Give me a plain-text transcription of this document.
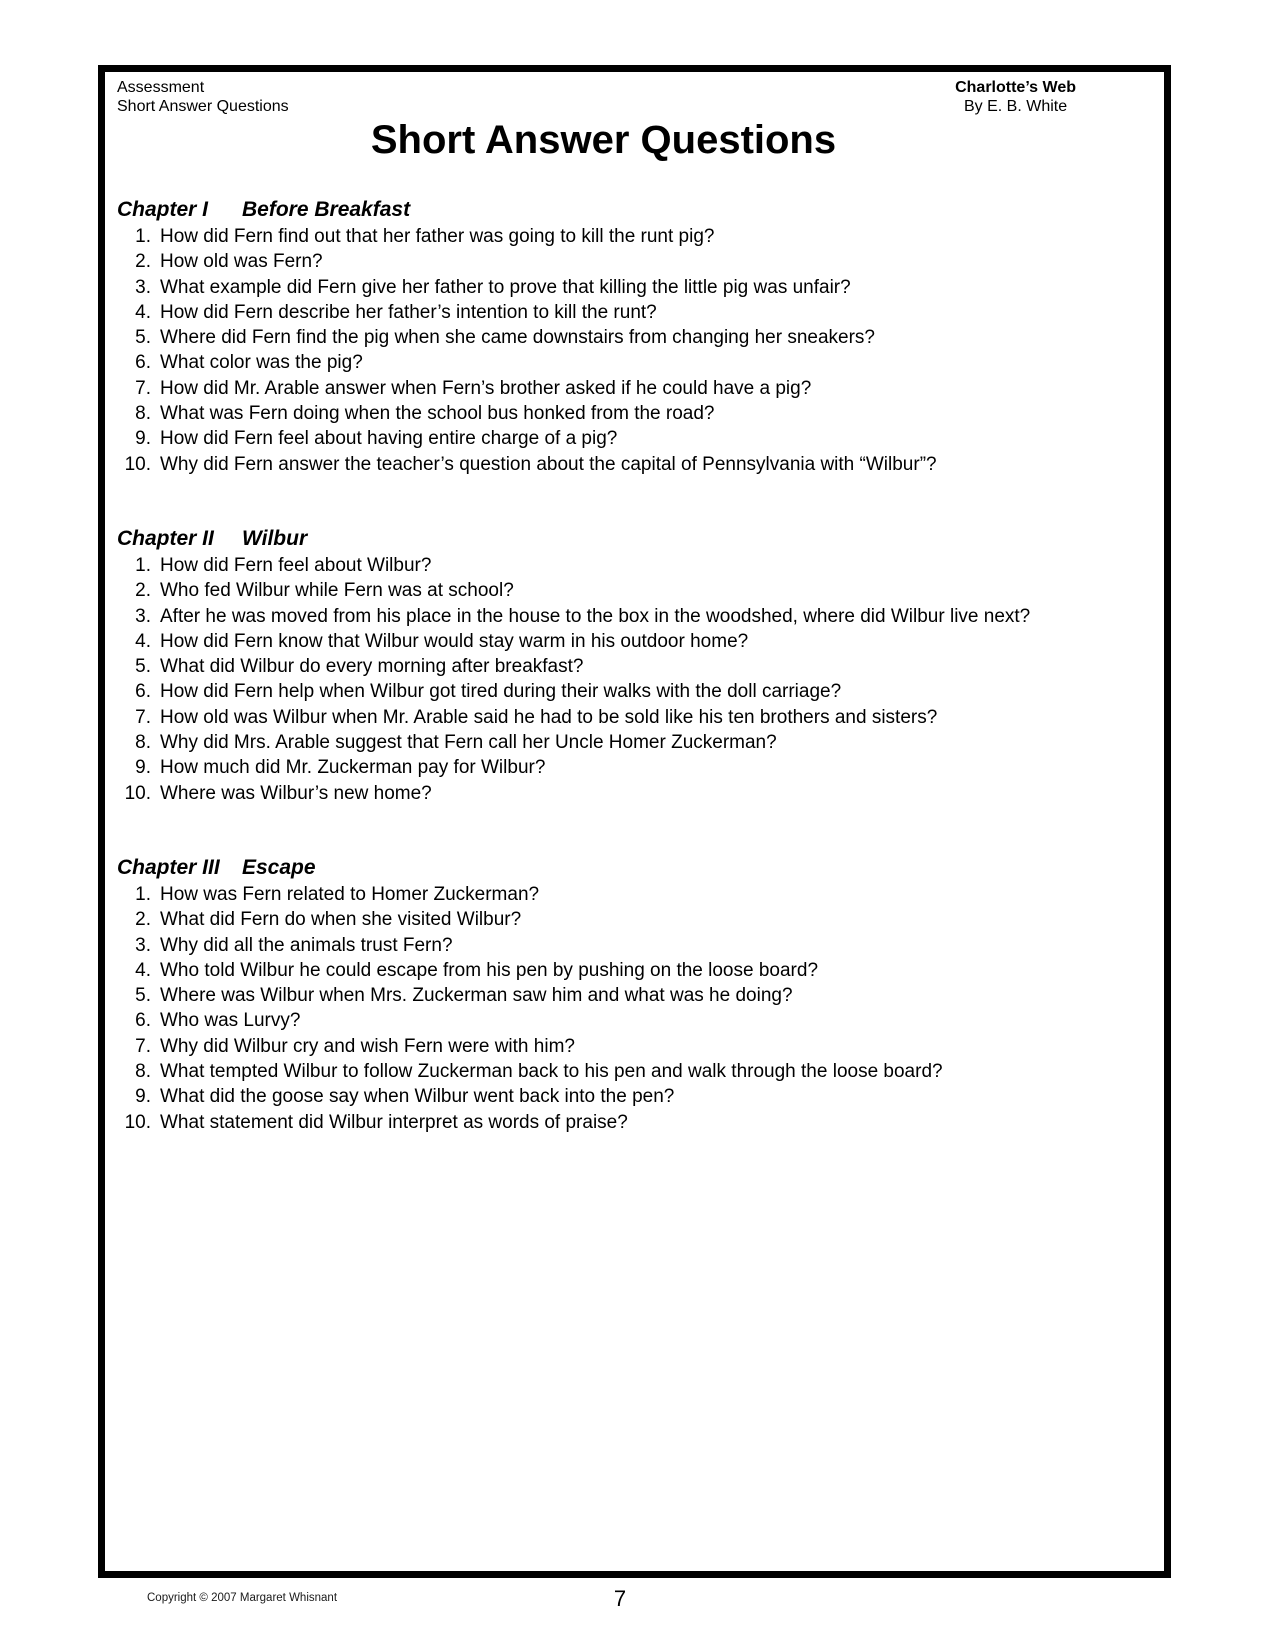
Assessment
Short Answer Questions
Charlotte’s Web
By E. B. White
Short Answer Questions
Chapter I Before Breakfast
1. How did Fern find out that her father was going to kill the runt pig?
2. How old was Fern?
3. What example did Fern give her father to prove that killing the little pig was unfair?
4. How did Fern describe her father’s intention to kill the runt?
5. Where did Fern find the pig when she came downstairs from changing her sneakers?
6. What color was the pig?
7. How did Mr. Arable answer when Fern’s brother asked if he could have a pig?
8. What was Fern doing when the school bus honked from the road?
9. How did Fern feel about having entire charge of a pig?
10. Why did Fern answer the teacher’s question about the capital of Pennsylvania with “Wilbur”?
Chapter II Wilbur
1. How did Fern feel about Wilbur?
2. Who fed Wilbur while Fern was at school?
3. After he was moved from his place in the house to the box in the woodshed, where did Wilbur live next?
4. How did Fern know that Wilbur would stay warm in his outdoor home?
5. What did Wilbur do every morning after breakfast?
6. How did Fern help when Wilbur got tired during their walks with the doll carriage?
7. How old was Wilbur when Mr. Arable said he had to be sold like his ten brothers and sisters?
8. Why did Mrs. Arable suggest that Fern call her Uncle Homer Zuckerman?
9. How much did Mr. Zuckerman pay for Wilbur?
10. Where was Wilbur’s new home?
Chapter III Escape
1. How was Fern related to Homer Zuckerman?
2. What did Fern do when she visited Wilbur?
3. Why did all the animals trust Fern?
4. Who told Wilbur he could escape from his pen by pushing on the loose board?
5. Where was Wilbur when Mrs. Zuckerman saw him and what was he doing?
6. Who was Lurvy?
7. Why did Wilbur cry and wish Fern were with him?
8. What tempted Wilbur to follow Zuckerman back to his pen and walk through the loose board?
9. What did the goose say when Wilbur went back into the pen?
10. What statement did Wilbur interpret as words of praise?
Copyright © 2007 Margaret Whisnant	7
